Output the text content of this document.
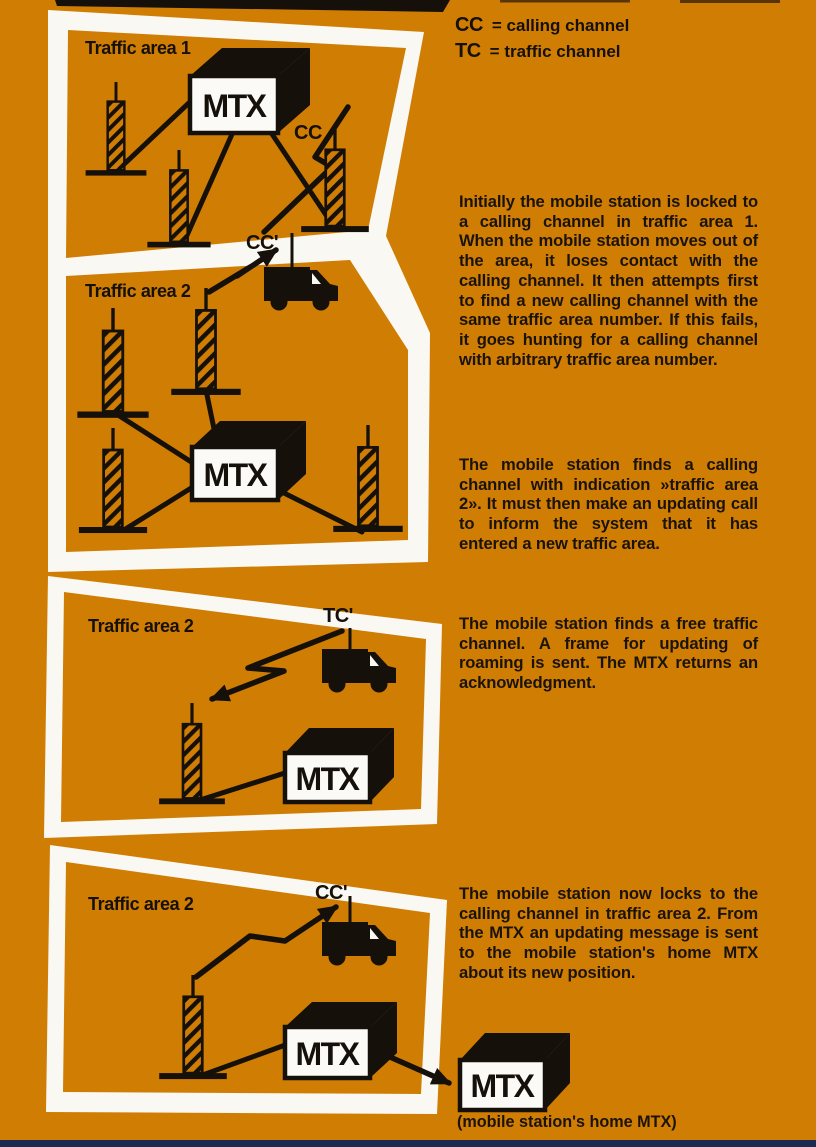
MTX
MTX
MTX
MTX
MTX
Traffic area 1
Traffic area 2
Traffic area 2
Traffic area 2
CC
CC'
TC'
CC'
CC = calling channel
TC = traffic channel
Initially the mobile station is locked to a calling channel in traffic area 1. When the mobile station moves out of the area, it loses contact with the calling channel. It then attempts first to find a new calling channel with the same traffic area number. If this fails, it goes hunting for a calling channel with arbitrary traffic area number.
The mobile station finds a calling channel with indication »traffic area 2». It must then make an updating call to inform the system that it has entered a new traffic area.
The mobile station finds a free traffic channel. A frame for updating of roaming is sent. The MTX returns an acknowledgment.
The mobile station now locks to the calling channel in traffic area 2. From the MTX an updating message is sent to the mobile station's home MTX about its new position.
(mobile station's home MTX)
